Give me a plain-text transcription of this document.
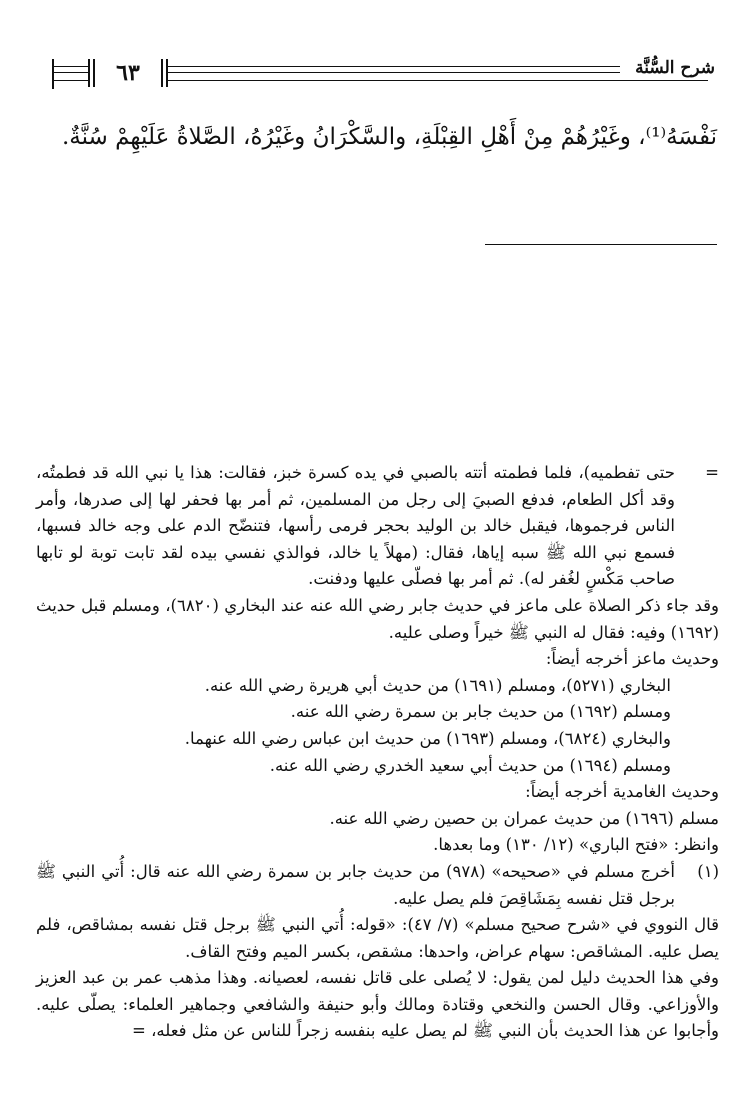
٦٣	شرح السُّنَّة
نَفْسَهُ⁽¹⁾، وغَيْرُهُمْ مِنْ أَهْلِ القِبْلَةِ، والسَّكْرَانُ وغَيْرُهُ، الصَّلاةُ عَلَيْهِمْ سُنَّةٌ.
=

حتى تفطميه)، فلما فطمته أتته بالصبي في يده كسرة خبز، فقالت: هذا يا نبي الله قد فطمتُه، وقد أكل الطعام، فدفع الصبيَ إلى رجل من المسلمين، ثم أمر بها فحفر لها إلى صدرها، وأمر الناس فرجموها، فيقبل خالد بن الوليد بحجر فرمى رأسها، فتنضّح الدم على وجه خالد فسبها، فسمع نبي الله ﷺ سبه إياها، فقال: (مهلاً يا خالد، فوالذي نفسي بيده لقد تابت توبة لو تابها صاحب مَكْسٍ لغُفر له). ثم أمر بها فصلّى عليها ودفنت.

وقد جاء ذكر الصلاة على ماعز في حديث جابر رضي الله عنه عند البخاري (٦٨٢٠)، ومسلم قبل حديث (١٦٩٢) وفيه: فقال له النبي ﷺ خيراً وصلى عليه.

وحديث ماعز أخرجه أيضاً:

البخاري (٥٢٧١)، ومسلم (١٦٩١) من حديث أبي هريرة رضي الله عنه.

ومسلم (١٦٩٢) من حديث جابر بن سمرة رضي الله عنه.

والبخاري (٦٨٢٤)، ومسلم (١٦٩٣) من حديث ابن عباس رضي الله عنهما.

ومسلم (١٦٩٤) من حديث أبي سعيد الخدري رضي الله عنه.

وحديث الغامدية أخرجه أيضاً:

مسلم (١٦٩٦) من حديث عمران بن حصين رضي الله عنه.

وانظر: «فتح الباري» (١٢/ ١٣٠) وما بعدها.

(١)

أخرج مسلم في «صحيحه» (٩٧٨) من حديث جابر بن سمرة رضي الله عنه قال: أُتي النبي ﷺ برجل قتل نفسه بِمَشَاقِصَ فلم يصل عليه.

قال النووي في «شرح صحيح مسلم» (٧/ ٤٧): «قوله: أُتي النبي ﷺ برجل قتل نفسه بمشاقص، فلم يصل عليه. المشاقص: سهام عراض، واحدها: مشقص، بكسر الميم وفتح القاف.

وفي هذا الحديث دليل لمن يقول: لا يُصلى على قاتل نفسه، لعصيانه. وهذا مذهب عمر بن عبد العزيز والأوزاعي. وقال الحسن والنخعي وقتادة ومالك وأبو حنيفة والشافعي وجماهير العلماء: يصلّى عليه. وأجابوا عن هذا الحديث بأن النبي ﷺ لم يصل عليه بنفسه زجراً للناس عن مثل فعله، =
